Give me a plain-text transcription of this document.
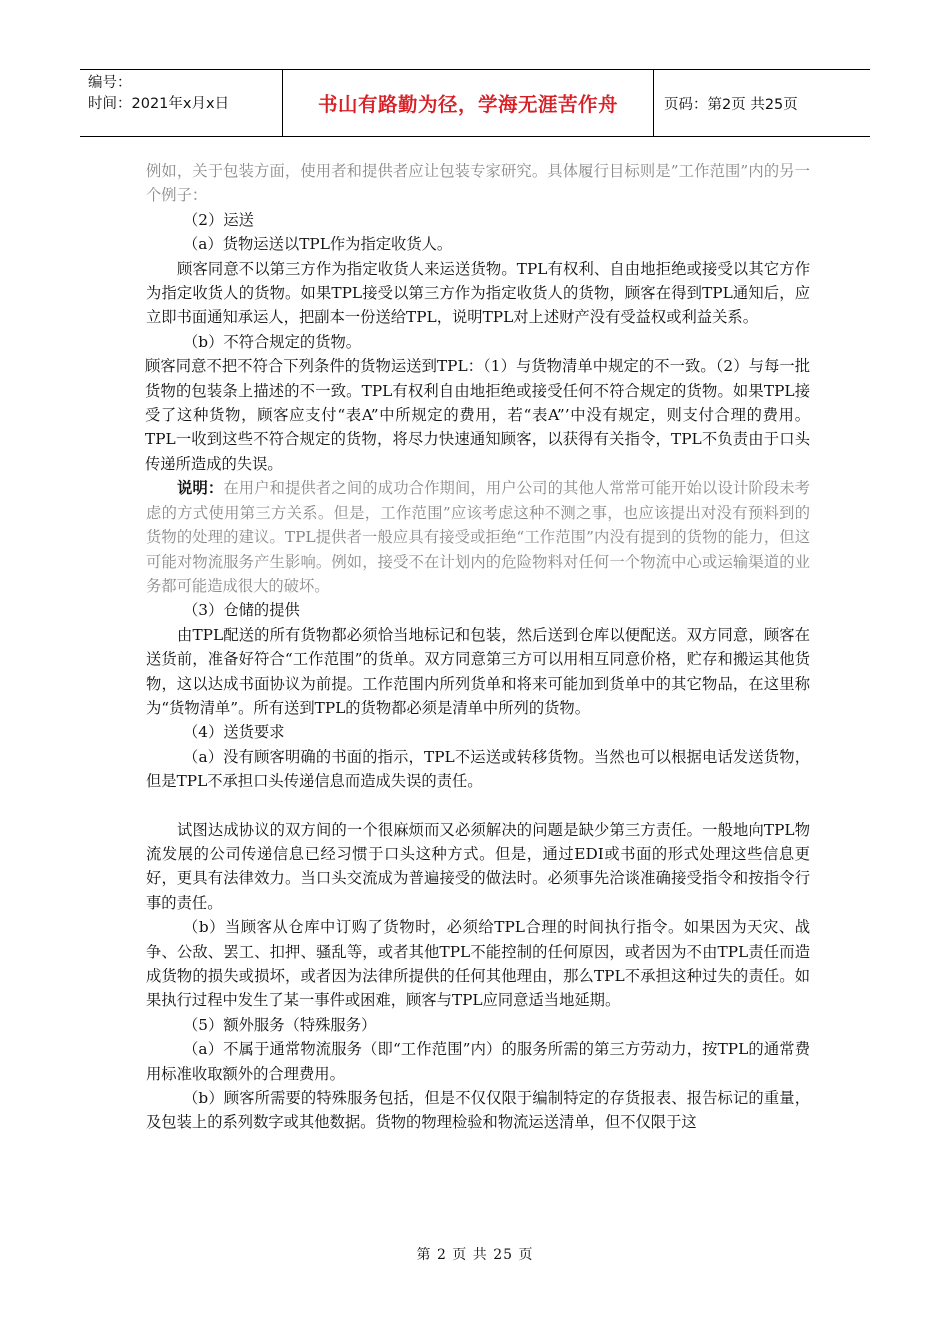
编号：
时间：2021年x月x日	书山有路勤为径，学海无涯苦作舟	页码：第2页 共25页

例如，关于包装方面，使用者和提供者应让包装专家研究。具体履行目标则是”工作范围”内的另一个例子：

（2）运送

（a）货物运送以TPL作为指定收货人。

顾客同意不以第三方作为指定收货人来运送货物。TPL有权利、自由地拒绝或接受以其它方作为指定收货人的货物。如果TPL接受以第三方作为指定收货人的货物，顾客在得到TPL通知后，应立即书面通知承运人，把副本一份送给TPL，说明TPL对上述财产没有受益权或利益关系。

（b）不符合规定的货物。

顾客同意不把不符合下列条件的货物运送到TPL：（1）与货物清单中规定的不一致。（2）与每一批货物的包装条上描述的不一致。TPL有权利自由地拒绝或接受任何不符合规定的货物。如果TPL接受了这种货物，顾客应支付“表A”中所规定的费用，若“表A”’中没有规定，则支付合理的费用。TPL一收到这些不符合规定的货物，将尽力快速通知顾客，以获得有关指令，TPL不负责由于口头传递所造成的失误。

说明：在用户和提供者之间的成功合作期间，用户公司的其他人常常可能开始以设计阶段未考虑的方式使用第三方关系。但是，工作范围”应该考虑这种不测之事，也应该提出对没有预料到的货物的处理的建议。TPL提供者一般应具有接受或拒绝“工作范围”内没有提到的货物的能力，但这可能对物流服务产生影响。例如，接受不在计划内的危险物料对任何一个物流中心或运输渠道的业务都可能造成很大的破坏。

（3）仓储的提供

由TPL配送的所有货物都必须恰当地标记和包装，然后送到仓库以便配送。双方同意，顾客在送货前，准备好符合“工作范围”的货单。双方同意第三方可以用相互同意价格，贮存和搬运其他货物，这以达成书面协议为前提。工作范围内所列货单和将来可能加到货单中的其它物品，在这里称为“货物清单”。所有送到TPL的货物都必须是清单中所列的货物。

（4）送货要求

（a）没有顾客明确的书面的指示，TPL不运送或转移货物。当然也可以根据电话发送货物，但是TPL不承担口头传递信息而造成失误的责任。

试图达成协议的双方间的一个很麻烦而又必须解决的问题是缺少第三方责任。一般地向TPL物流发展的公司传递信息已经习惯于口头这种方式。但是，通过EDI或书面的形式处理这些信息更好，更具有法律效力。当口头交流成为普遍接受的做法时。必须事先洽谈准确接受指令和按指令行事的责任。

（b）当顾客从仓库中订购了货物时，必须给TPL合理的时间执行指令。如果因为天灾、战争、公敌、罢工、扣押、骚乱等，或者其他TPL不能控制的任何原因，或者因为不由TPL责任而造成货物的损失或损坏，或者因为法律所提供的任何其他理由，那么TPL不承担这种过失的责任。如果执行过程中发生了某一事件或困难，顾客与TPL应同意适当地延期。

（5）额外服务（特殊服务）

（a）不属于通常物流服务（即“工作范围”内）的服务所需的第三方劳动力，按TPL的通常费用标准收取额外的合理费用。

（b）顾客所需要的特殊服务包括，但是不仅仅限于编制特定的存货报表、报告标记的重量，及包装上的系列数字或其他数据。货物的物理检验和物流运送清单，但不仅限于这

第 2 页 共 25 页
